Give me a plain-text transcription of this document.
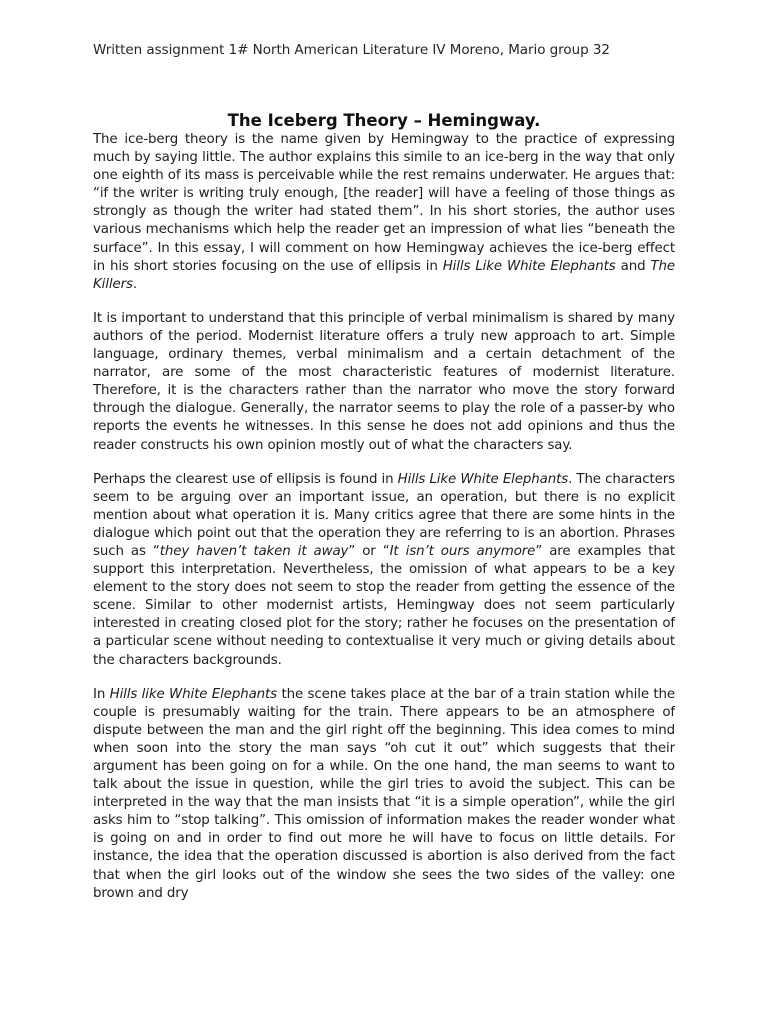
Written assignment 1# North American Literature IV Moreno, Mario group 32
The Iceberg Theory – Hemingway.

The ice-berg theory is the name given by Hemingway to the practice of expressing much by saying little. The author explains this simile to an ice-berg in the way that only one eighth of its mass is perceivable while the rest remains underwater. He argues that: “if the writer is writing truly enough, [the reader] will have a feeling of those things as strongly as though the writer had stated them”. In his short stories, the author uses various mechanisms which help the reader get an impression of what lies “beneath the surface”. In this essay, I will comment on how Hemingway achieves the ice-berg effect in his short stories focusing on the use of ellipsis in Hills Like White Elephants and The Killers.

It is important to understand that this principle of verbal minimalism is shared by many authors of the period. Modernist literature offers a truly new approach to art. Simple language, ordinary themes, verbal minimalism and a certain detachment of the narrator, are some of the most characteristic features of modernist literature. Therefore, it is the characters rather than the narrator who move the story forward through the dialogue. Generally, the narrator seems to play the role of a passer-by who reports the events he witnesses. In this sense he does not add opinions and thus the reader constructs his own opinion mostly out of what the characters say.

Perhaps the clearest use of ellipsis is found in Hills Like White Elephants. The characters seem to be arguing over an important issue, an operation, but there is no explicit mention about what operation it is. Many critics agree that there are some hints in the dialogue which point out that the operation they are referring to is an abortion. Phrases such as “they haven’t taken it away” or “It isn’t ours anymore” are examples that support this interpretation. Nevertheless, the omission of what appears to be a key element to the story does not seem to stop the reader from getting the essence of the scene. Similar to other modernist artists, Hemingway does not seem particularly interested in creating closed plot for the story; rather he focuses on the presentation of a particular scene without needing to contextualise it very much or giving details about the characters backgrounds.

In Hills like White Elephants the scene takes place at the bar of a train station while the couple is presumably waiting for the train. There appears to be an atmosphere of dispute between the man and the girl right off the beginning. This idea comes to mind when soon into the story the man says “oh cut it out” which suggests that their argument has been going on for a while. On the one hand, the man seems to want to talk about the issue in question, while the girl tries to avoid the subject. This can be interpreted in the way that the man insists that “it is a simple operation”, while the girl asks him to “stop talking”. This omission of information makes the reader wonder what is going on and in order to find out more he will have to focus on little details. For instance, the idea that the operation discussed is abortion is also derived from the fact that when the girl looks out of the window she sees the two sides of the valley: one brown and dry
